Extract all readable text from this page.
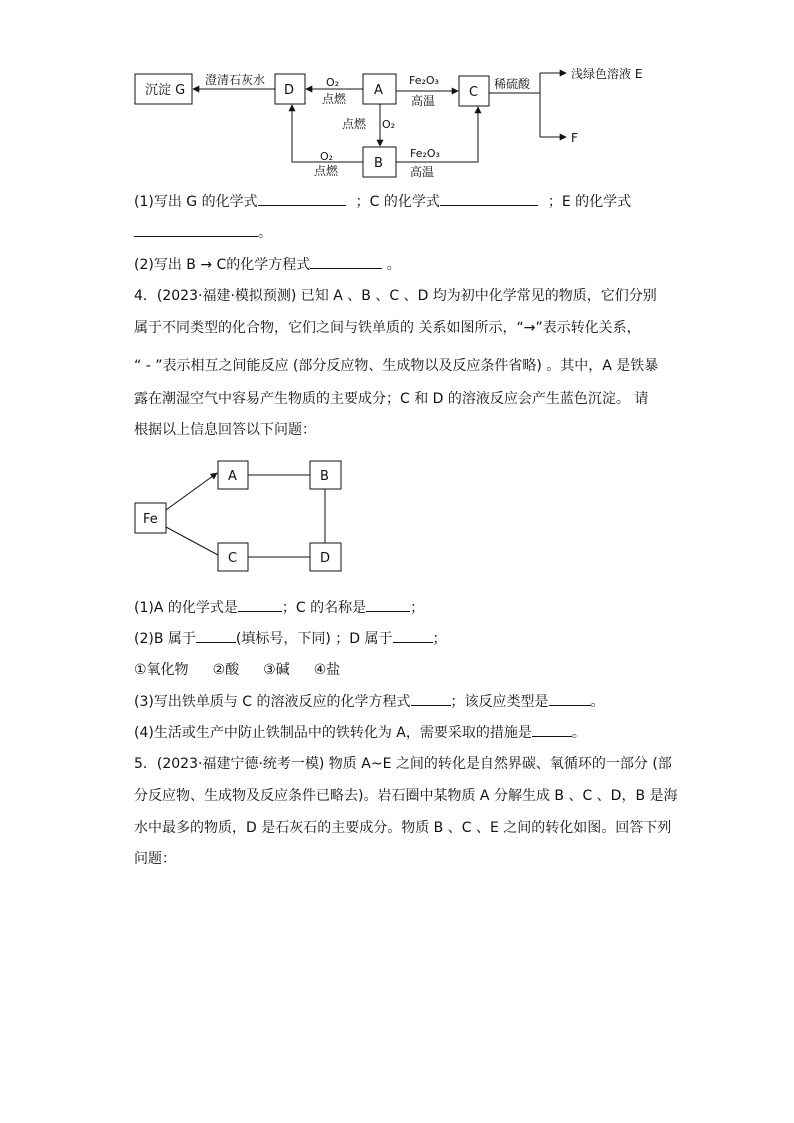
沉淀 G	D	A	C
B
澄清石灰水	O₂
点燃
Fe₂O₃
高温
稀硫酸
浅绿色溶液 E
F
点燃 O₂
O₂
点燃
Fe₂O₃
高温
(1)写出 G 的化学式	；C 的化学式	；E 的化学式
。
(2)写出 B → C的化学方程式	。
4．(2023·福建·模拟预测) 已知 A 、B 、C 、D 均为初中化学常见的物质，它们分别
属于不同类型的化合物，它们之间与铁单质的 关系如图所示，“→”表示转化关系，
“ - ”表示相互之间能反应 (部分反应物、生成物以及反应条件省略) 。其中，A 是铁暴
露在潮湿空气中容易产生物质的主要成分；C 和 D 的溶液反应会产生蓝色沉淀。 请
根据以上信息回答以下问题：
Fe
A	B
C	D
(1)A 的化学式是	；C 的名称是	；
(2)B 属于	(填标号，下同) ；D 属于	；
①氧化物 ②酸 ③碱 ④盐
(3)写出铁单质与 C 的溶液反应的化学方程式	；该反应类型是	。
(4)生活或生产中防止铁制品中的铁转化为 A，需要采取的措施是	。
5．(2023·福建宁德·统考一模) 物质 A~E 之间的转化是自然界碳、氧循环的一部分 (部
分反应物、生成物及反应条件已略去)。岩石圈中某物质 A 分解生成 B 、C 、D，B 是海
水中最多的物质，D 是石灰石的主要成分。物质 B 、C 、E 之间的转化如图。回答下列
问题：
